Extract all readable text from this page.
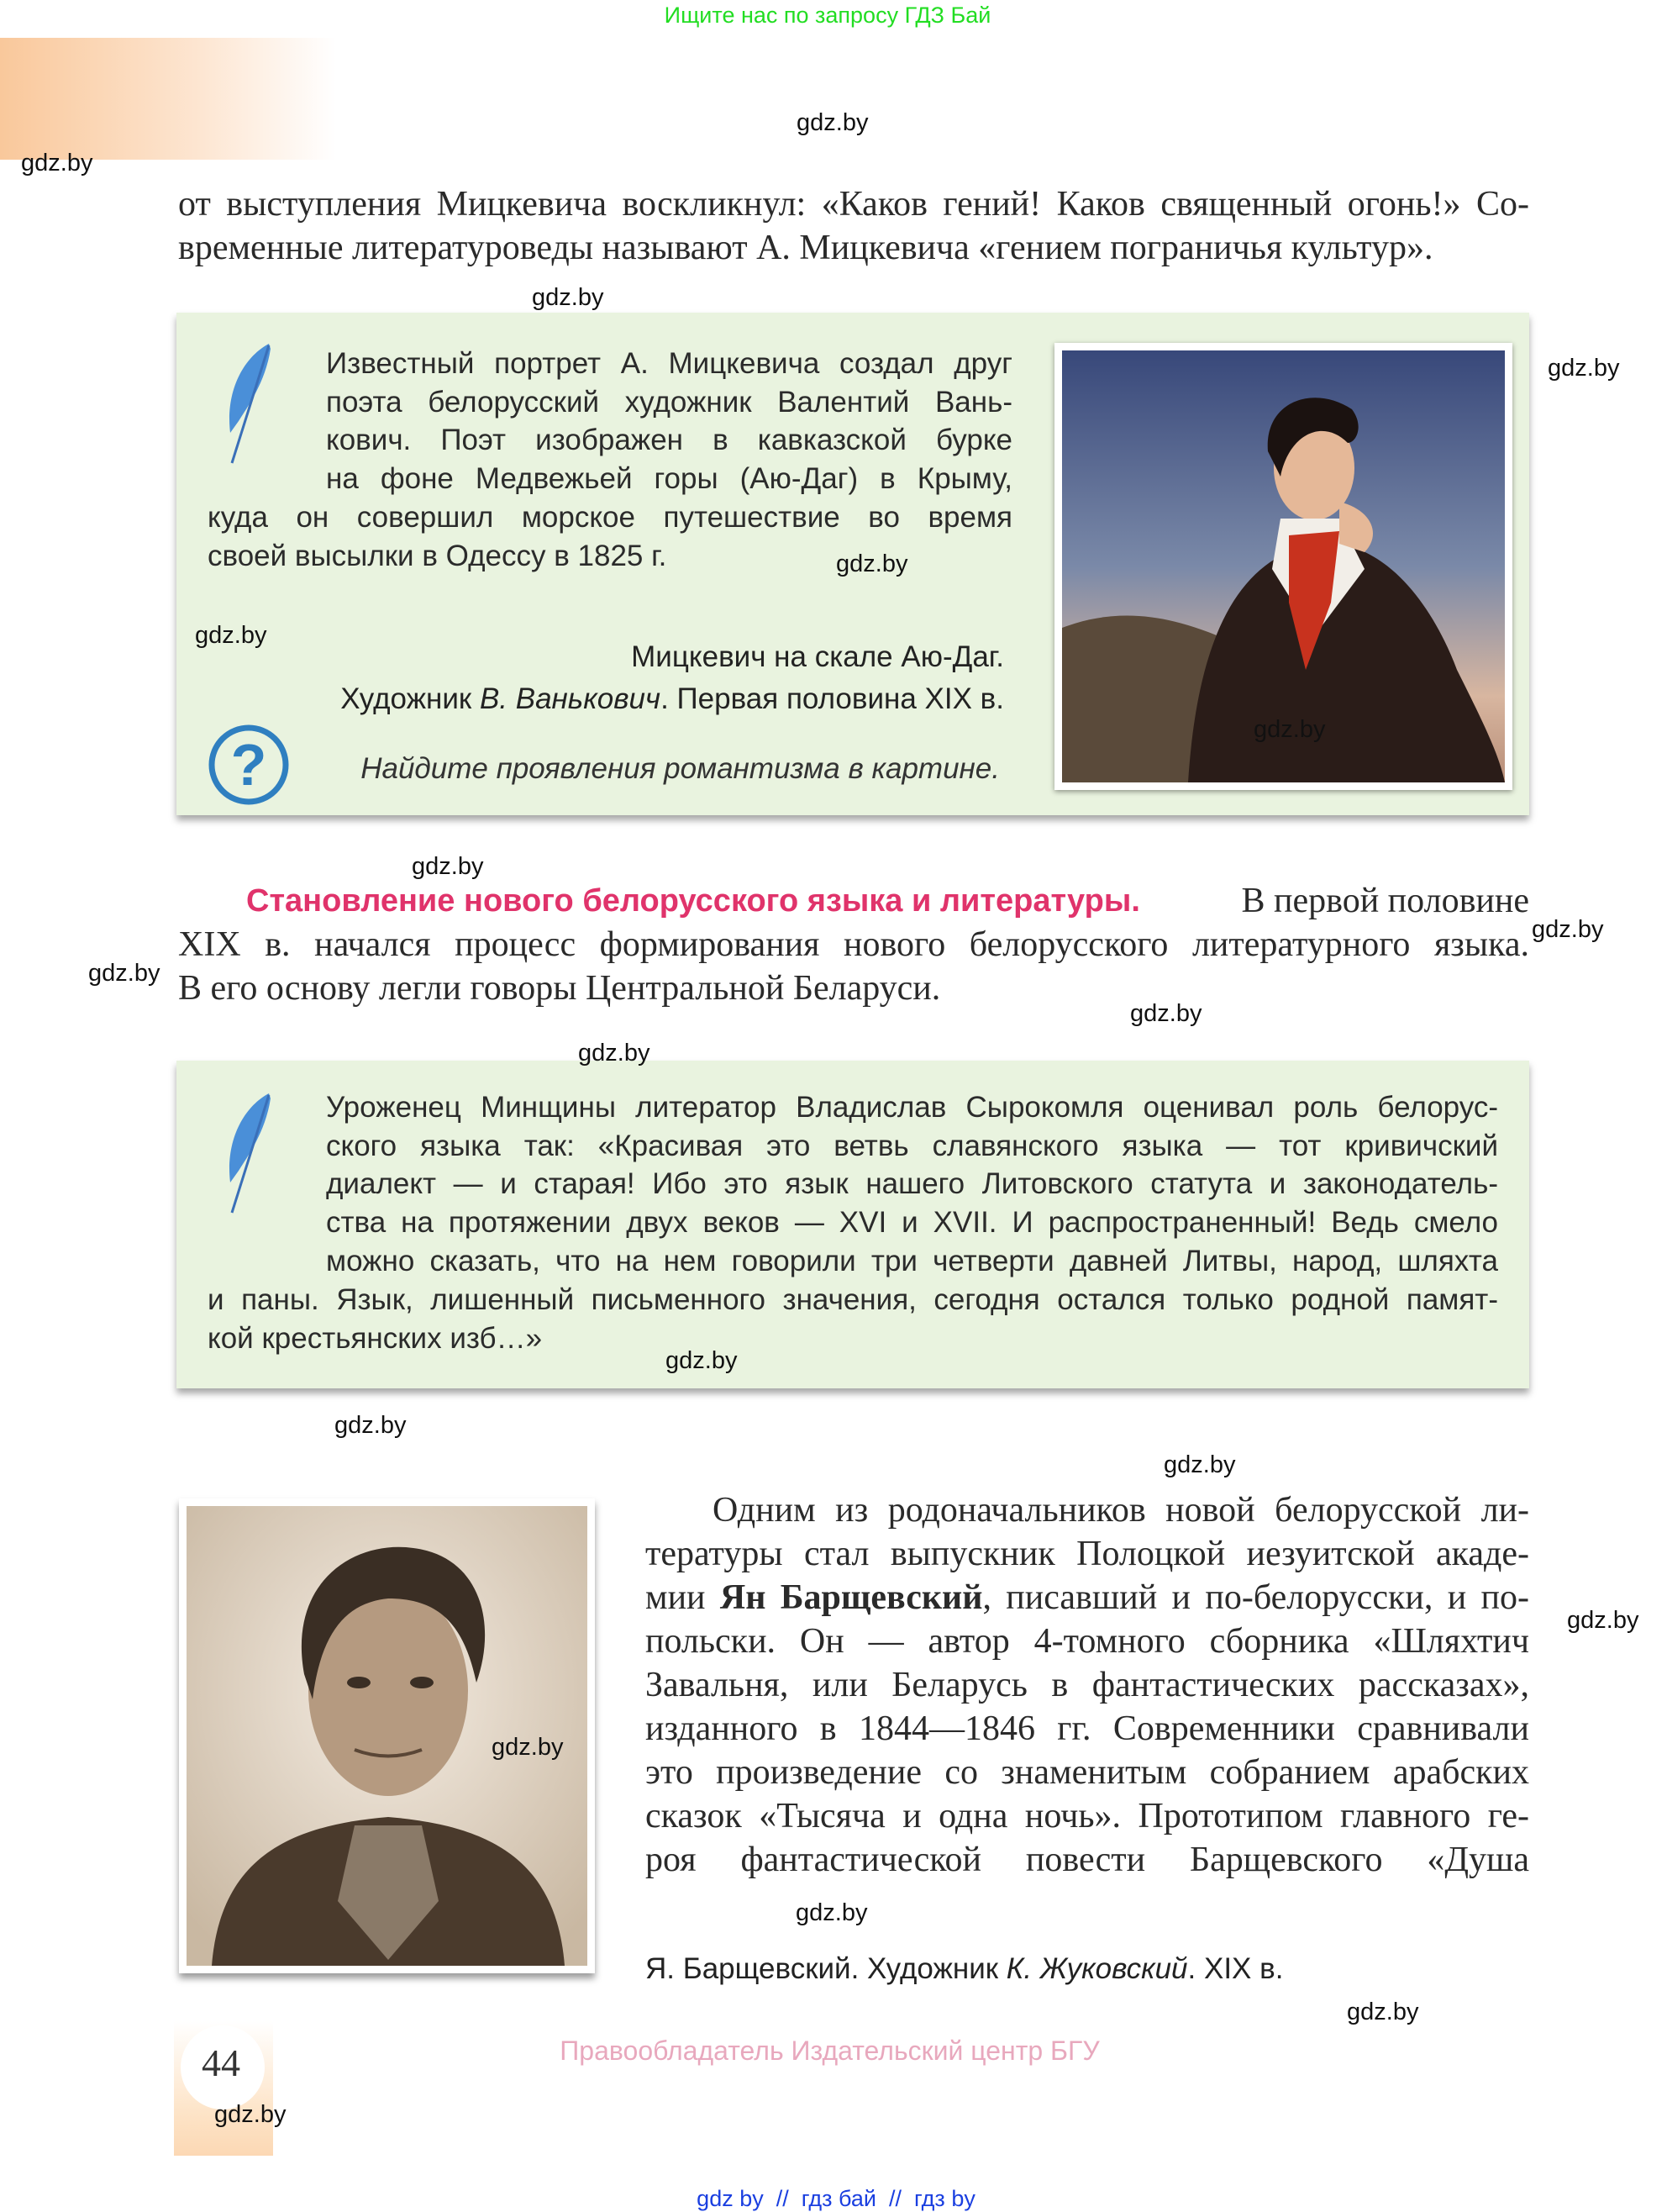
Ищите нас по запросу ГДЗ Бай
gdz.by
gdz.by
gdz.by
gdz.by
gdz.by
gdz.by
gdz.by
gdz.by
gdz.by
gdz.by
gdz.by
gdz.by
gdz.by
gdz.by
gdz.by
gdz.by
gdz.by
gdz.by
gdz.by
gdz.by
от выступления Мицкевича воскликнул: «Каков гений! Каков священный огонь!» Со-
временные литературоведы называют А. Мицкевича «гением пограничья культур».
Известный портрет А. Мицкевича создал друг
поэта белорусский художник Валентий Вань-
кович. Поэт изображен в кавказской бурке
на фоне Медвежьей горы (Аю-Даг) в Крыму,
куда он совершил морское путешествие во время
своей высылки в Одессу в 1825 г.
Мицкевич на скале Аю-Даг.
Художник В. Ванькович. Первая половина XIX в.
?	Найдите проявления романтизма в картине.
Становление нового белорусского языка и литературы.	В первой половине
XIX в. начался процесс формирования нового белорусского литературного языка.
В его основу легли говоры Центральной Беларуси.
Уроженец Минщины литератор Владислав Сырокомля оценивал роль белорус-
ского языка так: «Красивая это ветвь славянского языка — тот кривичский
диалект — и старая! Ибо это язык нашего Литовского статута и законодатель-
ства на протяжении двух веков — XVI и XVII. И распространенный! Ведь смело
можно сказать, что на нем говорили три четверти давней Литвы, народ, шляхта
и паны. Язык, лишенный письменного значения, сегодня остался только родной памят-
кой крестьянских изб…»
Одним из родоначальников новой белорусской ли-
тературы стал выпускник Полоцкой иезуитской акаде-
мии Ян Барщевский, писавший и по-белорусски, и по-
польски. Он — автор 4-томного сборника «Шляхтич
Завальня, или Беларусь в фантастических рассказах»,
изданного в 1844—1846 гг. Современники сравнивали
это произведение со знаменитым собранием арабских
сказок «Тысяча и одна ночь». Прототипом главного ге-
роя фантастической повести Барщевского «Душа
Я. Барщевский. Художник К. Жуковский. XIX в.
44	Правообладатель Издательский центр БГУ

gdz by // гдз бай // гдз by
